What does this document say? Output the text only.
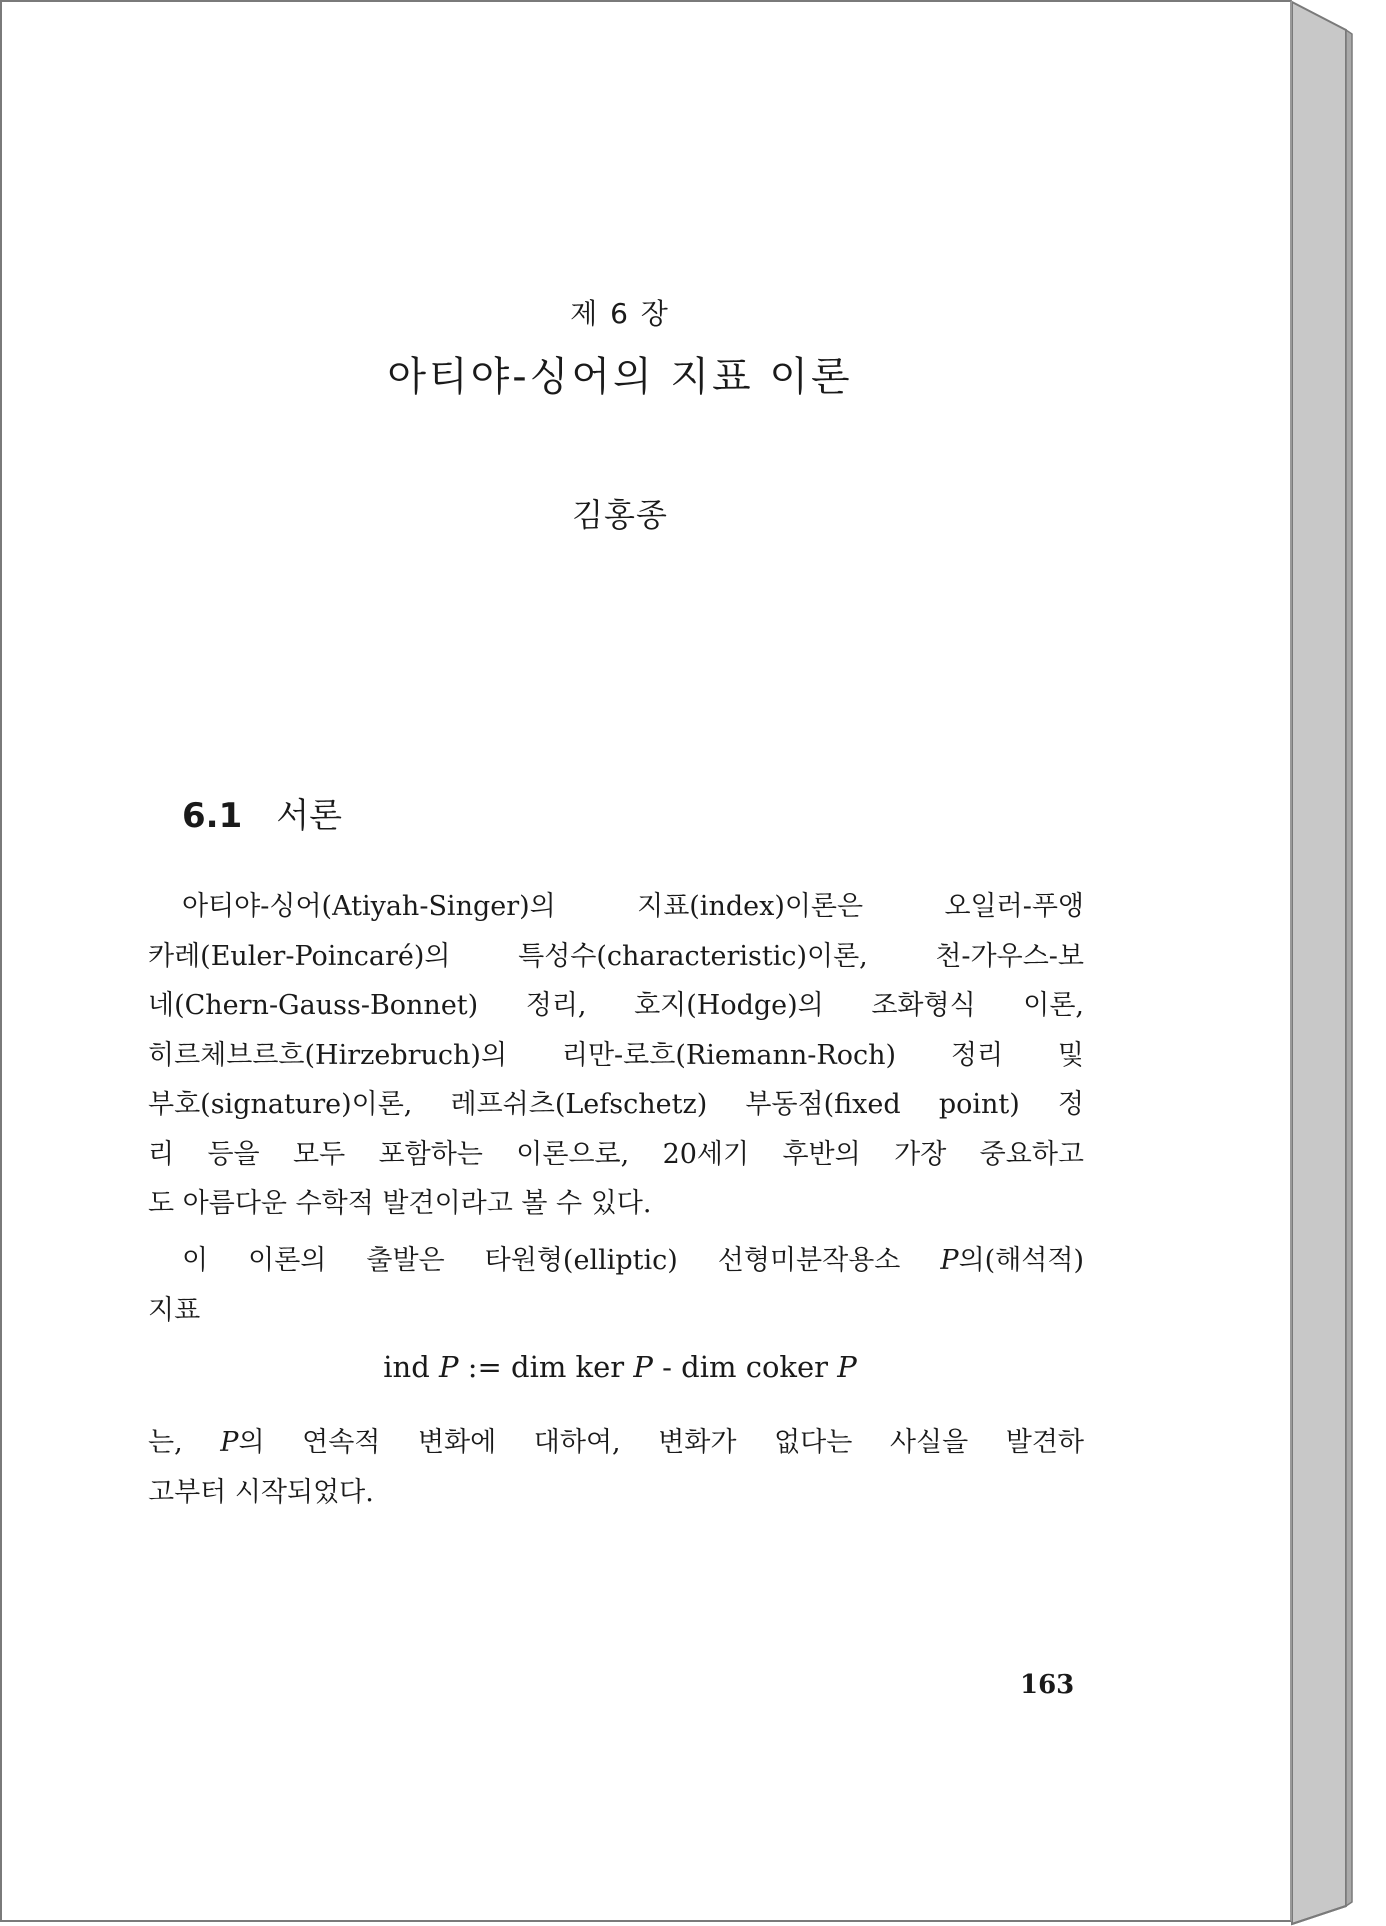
제 6 장
아티야-싱어의 지표 이론
김홍종
6.1 서론
아티야-싱어(Atiyah-Singer)의 지표(index)이론은 오일러-푸앵
카레(Euler-Poincaré)의 특성수(characteristic)이론, 천-가우스-보
네(Chern-Gauss-Bonnet) 정리, 호지(Hodge)의 조화형식 이론,
히르체브르흐(Hirzebruch)의 리만-로흐(Riemann-Roch) 정리 및
부호(signature)이론, 레프쉬츠(Lefschetz) 부동점(fixed point) 정
리 등을 모두 포함하는 이론으로, 20세기 후반의 가장 중요하고
도 아름다운 수학적 발견이라고 볼 수 있다.
이 이론의 출발은 타원형(elliptic) 선형미분작용소 P의(해석적)
지표
ind P := dim ker P - dim coker P
는, P의 연속적 변화에 대하여, 변화가 없다는 사실을 발견하
고부터 시작되었다.
163
